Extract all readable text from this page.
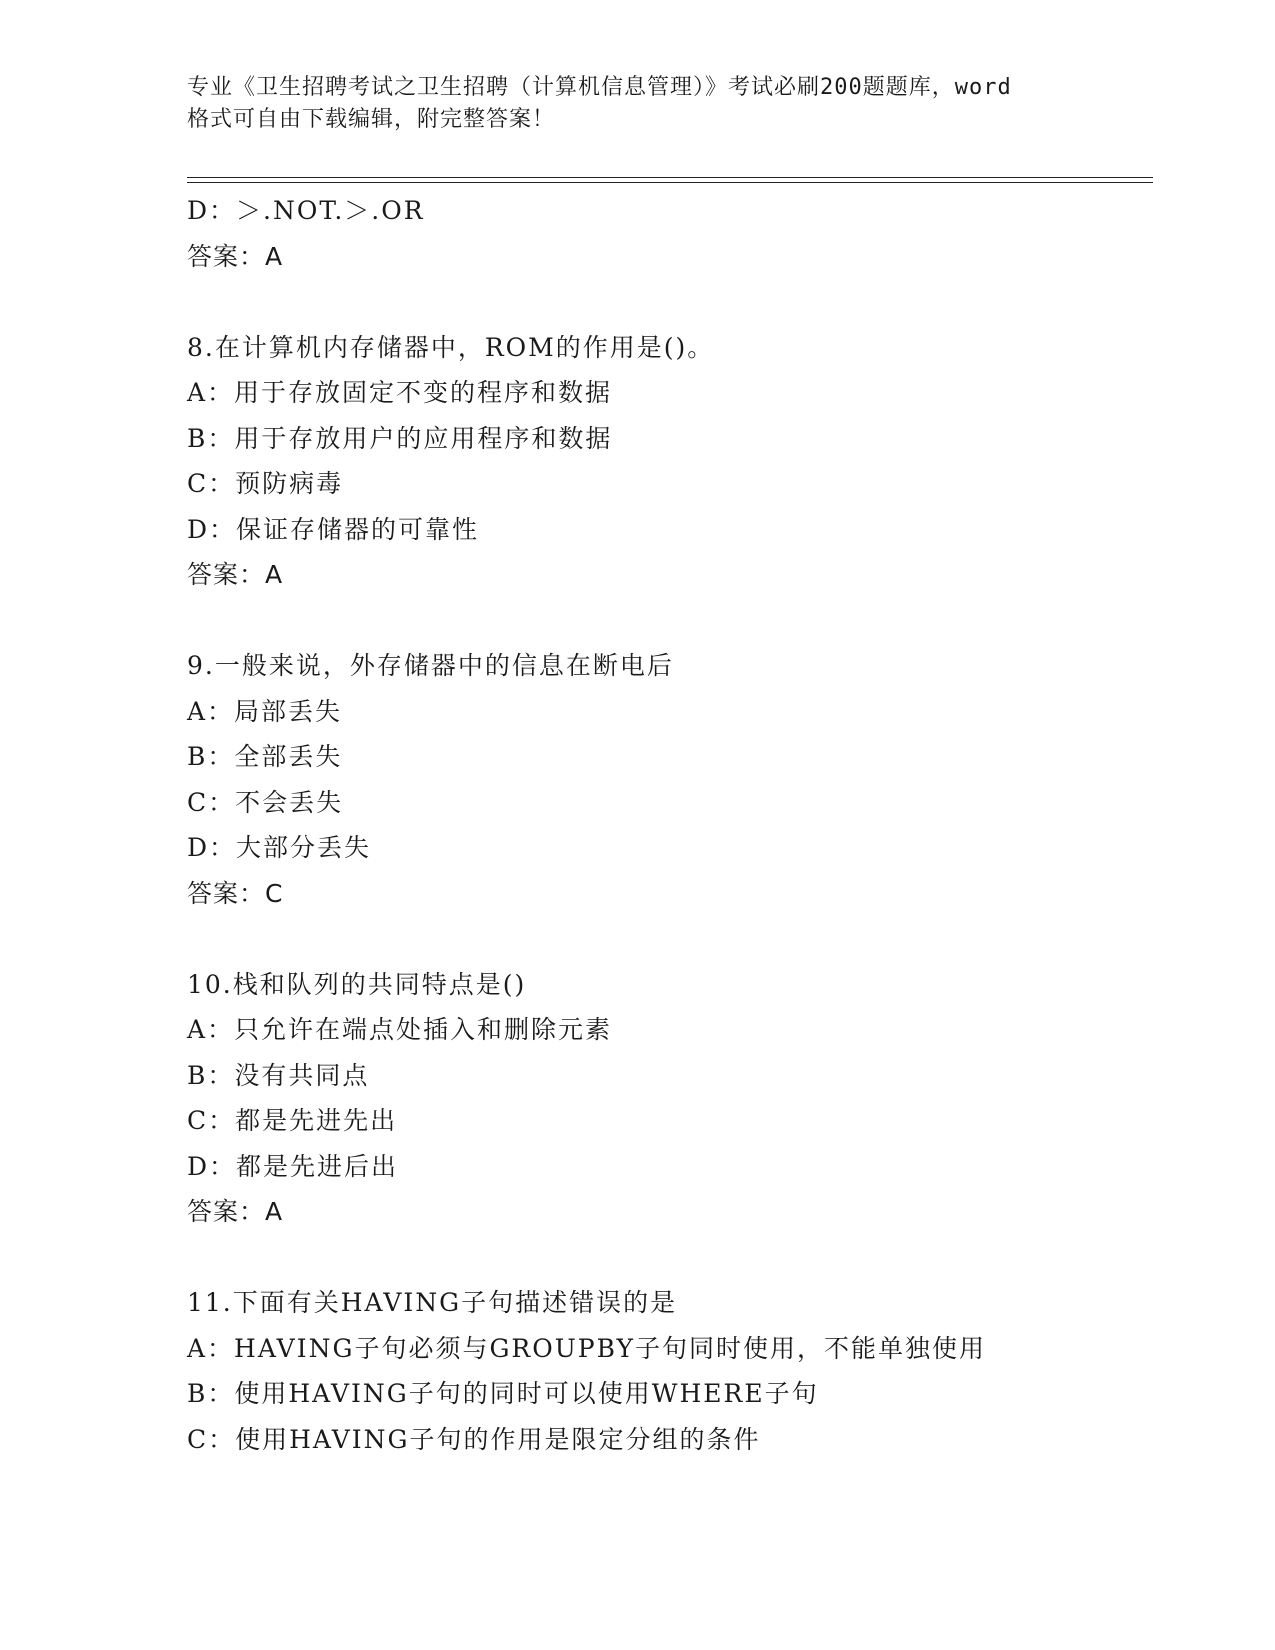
专业《卫生招聘考试之卫生招聘（计算机信息管理）》考试必刷200题题库，word
格式可自由下载编辑，附完整答案！
D：＞.NOT.＞.OR
答案：A
8.在计算机内存储器中，ROM的作用是()。
A：用于存放固定不变的程序和数据
B：用于存放用户的应用程序和数据
C：预防病毒
D：保证存储器的可靠性
答案：A
9.一般来说，外存储器中的信息在断电后
A：局部丢失
B：全部丢失
C：不会丢失
D：大部分丢失
答案：C
10.栈和队列的共同特点是()
A：只允许在端点处插入和删除元素
B：没有共同点
C：都是先进先出
D：都是先进后出
答案：A
11.下面有关HAVING子句描述错误的是
A：HAVING子句必须与GROUPBY子句同时使用，不能单独使用
B：使用HAVING子句的同时可以使用WHERE子句
C：使用HAVING子句的作用是限定分组的条件
